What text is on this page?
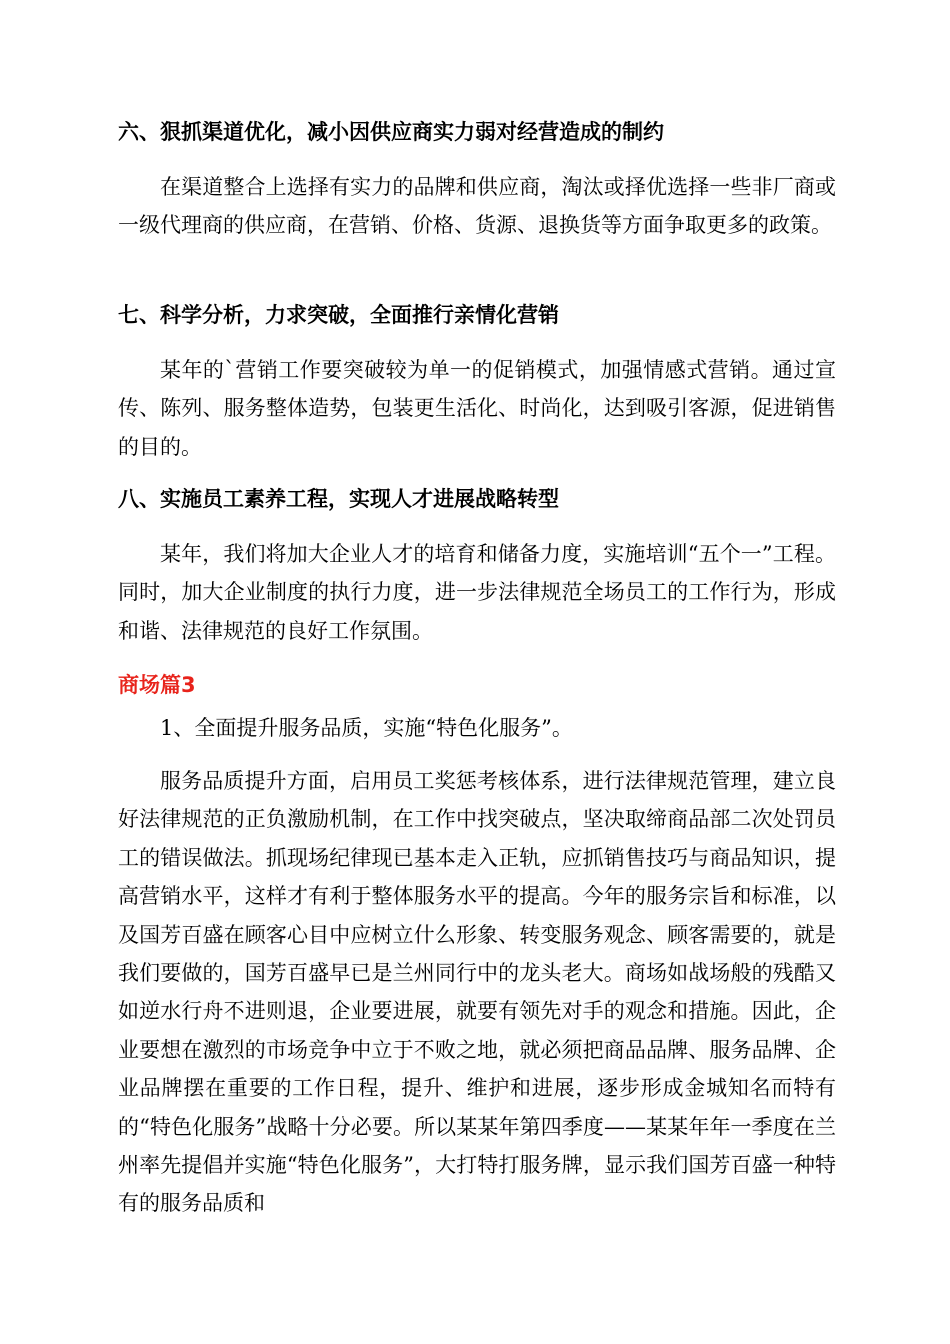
六、狠抓渠道优化，减小因供应商实力弱对经营造成的制约

在渠道整合上选择有实力的品牌和供应商，淘汰或择优选择一些非厂商或一级代理商的供应商，在营销、价格、货源、退换货等方面争取更多的政策。

七、科学分析，力求突破，全面推行亲情化营销

某年的`营销工作要突破较为单一的促销模式，加强情感式营销。通过宣传、陈列、服务整体造势，包装更生活化、时尚化，达到吸引客源，促进销售的目的。

八、实施员工素养工程，实现人才进展战略转型

某年，我们将加大企业人才的培育和储备力度，实施培训“五个一”工程。同时，加大企业制度的执行力度，进一步法律规范全场员工的工作行为，形成和谐、法律规范的良好工作氛围。

商场篇3

1、全面提升服务品质，实施“特色化服务”。

服务品质提升方面，启用员工奖惩考核体系，进行法律规范管理，建立良好法律规范的正负激励机制，在工作中找突破点，坚决取缔商品部二次处罚员工的错误做法。抓现场纪律现已基本走入正轨，应抓销售技巧与商品知识，提高营销水平，这样才有利于整体服务水平的提高。今年的服务宗旨和标准，以及国芳百盛在顾客心目中应树立什么形象、转变服务观念、顾客需要的，就是我们要做的，国芳百盛早已是兰州同行中的龙头老大。商场如战场般的残酷又如逆水行舟不进则退，企业要进展，就要有领先对手的观念和措施。因此，企业要想在激烈的市场竞争中立于不败之地，就必须把商品品牌、服务品牌、企业品牌摆在重要的工作日程，提升、维护和进展，逐步形成金城知名而特有的“特色化服务”战略十分必要。所以某某年第四季度——某某年年一季度在兰州率先提倡并实施“特色化服务”，大打特打服务牌，显示我们国芳百盛一种特有的服务品质和
